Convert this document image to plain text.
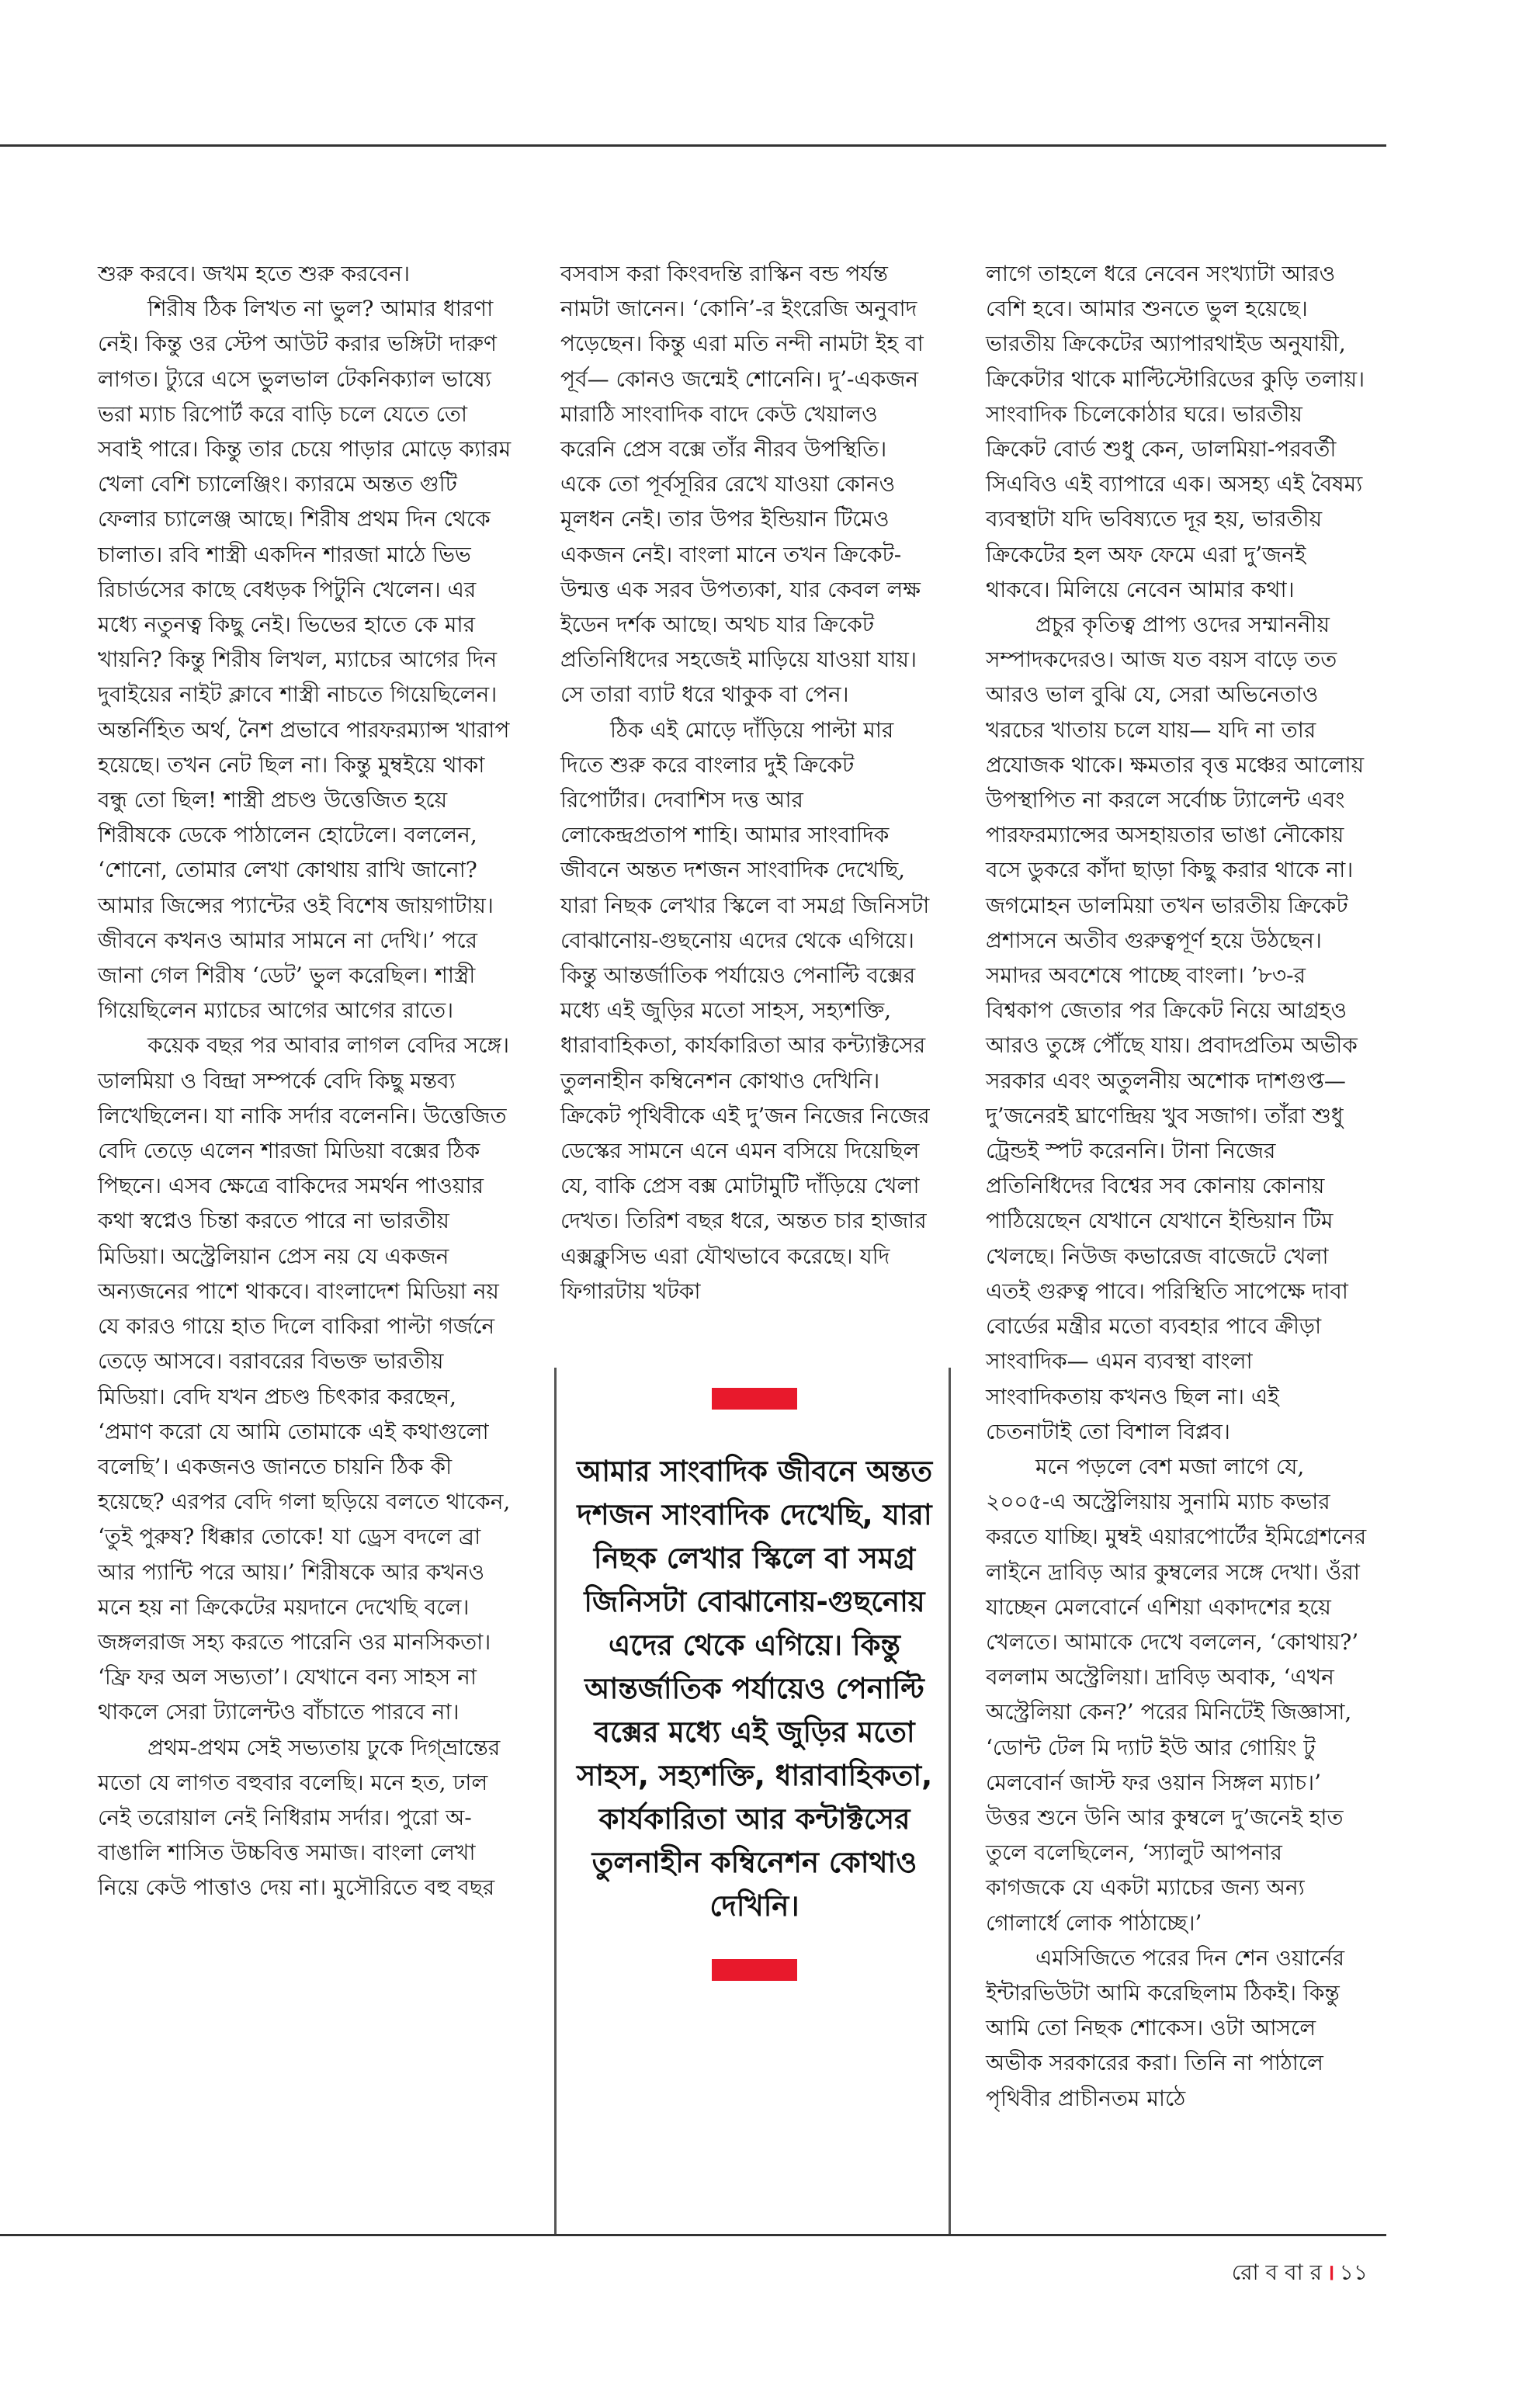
শুরু করবে। জখম হতে শুরু করবেন।

শিরীষ ঠিক লিখত না ভুল? আমার ধারণা নেই। কিন্তু ওর স্টেপ আউট করার ভঙ্গিটা দারুণ লাগত। ট্যুরে এসে ভুলভাল টেকনিক্যাল ভাষ্যে ভরা ম্যাচ রিপোর্ট করে বাড়ি চলে যেতে তো সবাই পারে। কিন্তু তার চেয়ে পাড়ার মোড়ে ক্যারম খেলা বেশি চ্যালেঞ্জিং। ক্যারমে অন্তত গুটি ফেলার চ্যালেঞ্জ আছে। শিরীষ প্রথম দিন থেকে চালাত। রবি শাস্ত্রী একদিন শারজা মাঠে ভিভ রিচার্ডসের কাছে বেধড়ক পিটুনি খেলেন। এর মধ্যে নতুনত্ব কিছু নেই। ভিভের হাতে কে মার খায়নি? কিন্তু শিরীষ লিখল, ম্যাচের আগের দিন দুবাইয়ের নাইট ক্লাবে শাস্ত্রী নাচতে গিয়েছিলেন। অন্তর্নিহিত অর্থ, নৈশ প্রভাবে পারফরম্যান্স খারাপ হয়েছে। তখন নেট ছিল না। কিন্তু মুম্বইয়ে থাকা বন্ধু তো ছিল! শাস্ত্রী প্রচণ্ড উত্তেজিত হয়ে শিরীষকে ডেকে পাঠালেন হোটেলে। বললেন, ‘শোনো, তোমার লেখা কোথায় রাখি জানো? আমার জিন্সের প্যান্টের ওই বিশেষ জায়গাটায়। জীবনে কখনও আমার সামনে না দেখি।’ পরে জানা গেল শিরীষ ‘ডেট’ ভুল করেছিল। শাস্ত্রী গিয়েছিলেন ম্যাচের আগের আগের রাতে।

কয়েক বছর পর আবার লাগল বেদির সঙ্গে। ডালমিয়া ও বিন্দ্রা সম্পর্কে বেদি কিছু মন্তব্য লিখেছিলেন। যা নাকি সর্দার বলেননি। উত্তেজিত বেদি তেড়ে এলেন শারজা মিডিয়া বক্সের ঠিক পিছনে। এসব ক্ষেত্রে বাকিদের সমর্থন পাওয়ার কথা স্বপ্নেও চিন্তা করতে পারে না ভারতীয় মিডিয়া। অস্ট্রেলিয়ান প্রেস নয় যে একজন অন্যজনের পাশে থাকবে। বাংলাদেশ মিডিয়া নয় যে কারও গায়ে হাত দিলে বাকিরা পাল্টা গর্জনে তেড়ে আসবে। বরাবরের বিভক্ত ভারতীয় মিডিয়া। বেদি যখন প্রচণ্ড চিৎকার করছেন, ‘প্রমাণ করো যে আমি তোমাকে এই কথাগুলো বলেছি’। একজনও জানতে চায়নি ঠিক কী হয়েছে? এরপর বেদি গলা ছড়িয়ে বলতে থাকেন, ‘তুই পুরুষ? ধিক্কার তোকে! যা ড্রেস বদলে ব্রা আর প্যান্টি পরে আয়।’ শিরীষকে আর কখনও মনে হয় না ক্রিকেটের ময়দানে দেখেছি বলে। জঙ্গলরাজ সহ্য করতে পারেনি ওর মানসিকতা। ‘ফ্রি ফর অল সভ্যতা’। যেখানে বন্য সাহস না থাকলে সেরা ট্যালেন্টও বাঁচাতে পারবে না।

প্রথম-প্রথম সেই সভ্যতায় ঢুকে দিগ্‌ভ্রান্তের মতো যে লাগত বহুবার বলেছি। মনে হত, ঢাল নেই তরোয়াল নেই নিধিরাম সর্দার। পুরো অ-বাঙালি শাসিত উচ্চবিত্ত সমাজ। বাংলা লেখা নিয়ে কেউ পাত্তাও দেয় না। মুসৌরিতে বহু বছর

বসবাস করা কিংবদন্তি রাস্কিন বন্ড পর্যন্ত নামটা জানেন। ‘কোনি’-র ইংরেজি অনুবাদ পড়েছেন। কিন্তু এরা মতি নন্দী নামটা ইহ বা পূর্ব— কোনও জন্মেই শোনেনি। দু’-একজন মারাঠি সাংবাদিক বাদে কেউ খেয়ালও করেনি প্রেস বক্সে তাঁর নীরব উপস্থিতি। একে তো পূর্বসূরির রেখে যাওয়া কোনও মূলধন নেই। তার উপর ইন্ডিয়ান টিমেও একজন নেই। বাংলা মানে তখন ক্রিকেট-উন্মত্ত এক সরব উপত্যকা, যার কেবল লক্ষ ইডেন দর্শক আছে। অথচ যার ক্রিকেট প্রতিনিধিদের সহজেই মাড়িয়ে যাওয়া যায়। সে তারা ব্যাট ধরে থাকুক বা পেন।

ঠিক এই মোড়ে দাঁড়িয়ে পাল্টা মার দিতে শুরু করে বাংলার দুই ক্রিকেট রিপোর্টার। দেবাশিস দত্ত আর লোকেন্দ্রপ্রতাপ শাহি। আমার সাংবাদিক জীবনে অন্তত দশজন সাংবাদিক দেখেছি, যারা নিছক লেখার স্কিলে বা সমগ্র জিনিসটা বোঝানোয়-গুছনোয় এদের থেকে এগিয়ে। কিন্তু আন্তর্জাতিক পর্যায়েও পেনাল্টি বক্সের মধ্যে এই জুড়ির মতো সাহস, সহ্যশক্তি, ধারাবাহিকতা, কার্যকারিতা আর কন্ট্যাক্টসের তুলনাহীন কম্বিনেশন কোথাও দেখিনি। ক্রিকেট পৃথিবীকে এই দু’জন নিজের নিজের ডেস্কের সামনে এনে এমন বসিয়ে দিয়েছিল যে, বাকি প্রেস বক্স মোটামুটি দাঁড়িয়ে খেলা দেখত। তিরিশ বছর ধরে, অন্তত চার হাজার এক্সক্লুসিভ এরা যৌথভাবে করেছে। যদি ফিগারটায় খটকা

আমার সাংবাদিক জীবনে অন্তত দশজন সাংবাদিক দেখেছি, যারা নিছক লেখার স্কিলে বা সমগ্র জিনিসটা বোঝানোয়-গুছনোয় এদের থেকে এগিয়ে। কিন্তু আন্তর্জাতিক পর্যায়েও পেনাল্টি বক্সের মধ্যে এই জুড়ির মতো সাহস, সহ্যশক্তি, ধারাবাহিকতা, কার্যকারিতা আর কন্টাক্টসের তুলনাহীন কম্বিনেশন কোথাও দেখিনি।

লাগে তাহলে ধরে নেবেন সংখ্যাটা আরও বেশি হবে। আমার শুনতে ভুল হয়েছে। ভারতীয় ক্রিকেটের অ্যাপারথাইড অনুযায়ী, ক্রিকেটার থাকে মাল্টিস্টোরিডের কুড়ি তলায়। সাংবাদিক চিলেকোঠার ঘরে। ভারতীয় ক্রিকেট বোর্ড শুধু কেন, ডালমিয়া-পরবর্তী সিএবিও এই ব্যাপারে এক। অসহ্য এই বৈষম্য ব্যবস্থাটা যদি ভবিষ্যতে দূর হয়, ভারতীয় ক্রিকেটের হল অফ ফেমে এরা দু’জনই থাকবে। মিলিয়ে নেবেন আমার কথা।

প্রচুর কৃতিত্ব প্রাপ্য ওদের সম্মাননীয় সম্পাদকদেরও। আজ যত বয়স বাড়ে তত আরও ভাল বুঝি যে, সেরা অভিনেতাও খরচের খাতায় চলে যায়— যদি না তার প্রযোজক থাকে। ক্ষমতার বৃত্ত মঞ্চের আলোয় উপস্থাপিত না করলে সর্বোচ্চ ট্যালেন্ট এবং পারফরম্যান্সের অসহায়তার ভাঙা নৌকোয় বসে ডুকরে কাঁদা ছাড়া কিছু করার থাকে না। জগমোহন ডালমিয়া তখন ভারতীয় ক্রিকেট প্রশাসনে অতীব গুরুত্বপূর্ণ হয়ে উঠছেন। সমাদর অবশেষে পাচ্ছে বাংলা। ’৮৩-র বিশ্বকাপ জেতার পর ক্রিকেট নিয়ে আগ্রহও আরও তুঙ্গে পৌঁছে যায়। প্রবাদপ্রতিম অভীক সরকার এবং অতুলনীয় অশোক দাশগুপ্ত— দু’জনেরই ঘ্রাণেন্দ্রিয় খুব সজাগ। তাঁরা শুধু ট্রেন্ডই স্পট করেননি। টানা নিজের প্রতিনিধিদের বিশ্বের সব কোনায় কোনায় পাঠিয়েছেন যেখানে যেখানে ইন্ডিয়ান টিম খেলছে। নিউজ কভারেজ বাজেটে খেলা এতই গুরুত্ব পাবে। পরিস্থিতি সাপেক্ষে দাবা বোর্ডের মন্ত্রীর মতো ব্যবহার পাবে ক্রীড়া সাংবাদিক— এমন ব্যবস্থা বাংলা সাংবাদিকতায় কখনও ছিল না। এই চেতনাটাই তো বিশাল বিপ্লব।

মনে পড়লে বেশ মজা লাগে যে, ২০০৫-এ অস্ট্রেলিয়ায় সুনামি ম্যাচ কভার করতে যাচ্ছি। মুম্বই এয়ারপোর্টের ইমিগ্রেশনের লাইনে দ্রাবিড় আর কুম্বলের সঙ্গে দেখা। ওঁরা যাচ্ছেন মেলবোর্নে এশিয়া একাদশের হয়ে খেলতে। আমাকে দেখে বললেন, ‘কোথায়?’ বললাম অস্ট্রেলিয়া। দ্রাবিড় অবাক, ‘এখন অস্ট্রেলিয়া কেন?’ পরের মিনিটেই জিজ্ঞাসা, ‘ডোন্ট টেল মি দ্যাট ইউ আর গোয়িং টু মেলবোর্ন জাস্ট ফর ওয়ান সিঙ্গল ম্যাচ।’ উত্তর শুনে উনি আর কুম্বলে দু’জনেই হাত তুলে বলেছিলেন, ‘স্যালুট আপনার কাগজকে যে একটা ম্যাচের জন্য অন্য গোলার্ধে লোক পাঠাচ্ছে।’

এমসিজিতে পরের দিন শেন ওয়ার্নের ইন্টারভিউটা আমি করেছিলাম ঠিকই। কিন্তু আমি তো নিছক শোকেস। ওটা আসলে অভীক সরকারের করা। তিনি না পাঠালে পৃথিবীর প্রাচীনতম মাঠে

রো ব বা র । ১১
